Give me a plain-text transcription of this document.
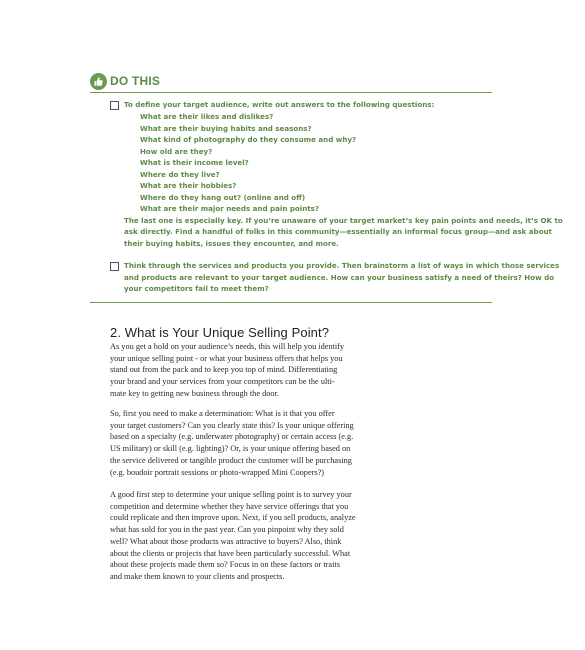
DO THIS
To define your target audience, write out answers to the following questions:
What are their likes and dislikes?
What are their buying habits and seasons?
What kind of photography do they consume and why?
How old are they?
What is their income level?
Where do they live?
What are their hobbies?
Where do they hang out? (online and off)
What are their major needs and pain points?
The last one is especially key. If you’re unaware of your target market’s key pain points and needs, it’s OK to
ask directly. Find a handful of folks in this community—essentially an informal focus group—and ask about
their buying habits, issues they encounter, and more.
Think through the services and products you provide. Then brainstorm a list of ways in which those services
and products are relevant to your target audience. How can your business satisfy a need of theirs? How do
your competitors fail to meet them?
2. What is Your Unique Selling Point?
As you get a hold on your audience’s needs, this will help you identify
your unique selling point - or what your business offers that helps you
stand out from the pack and to keep you top of mind. Differentiating
your brand and your services from your competitors can be the ulti-
mate key to getting new business through the door.
So, first you need to make a determination: What is it that you offer
your target customers? Can you clearly state this? Is your unique offering
based on a specialty (e.g. underwater photography) or certain access (e.g.
US military) or skill (e.g. lighting)? Or, is your unique offering based on
the service delivered or tangible product the customer will be purchasing
(e.g. boudoir portrait sessions or photo-wrapped Mini Coopers?)
A good first step to determine your unique selling point is to survey your
competition and determine whether they have service offerings that you
could replicate and then improve upon. Next, if you sell products, analyze
what has sold for you in the past year. Can you pinpoint why they sold
well? What about those products was attractive to buyers? Also, think
about the clients or projects that have been particularly successful. What
about these projects made them so? Focus in on these factors or traits
and make them known to your clients and prospects.
